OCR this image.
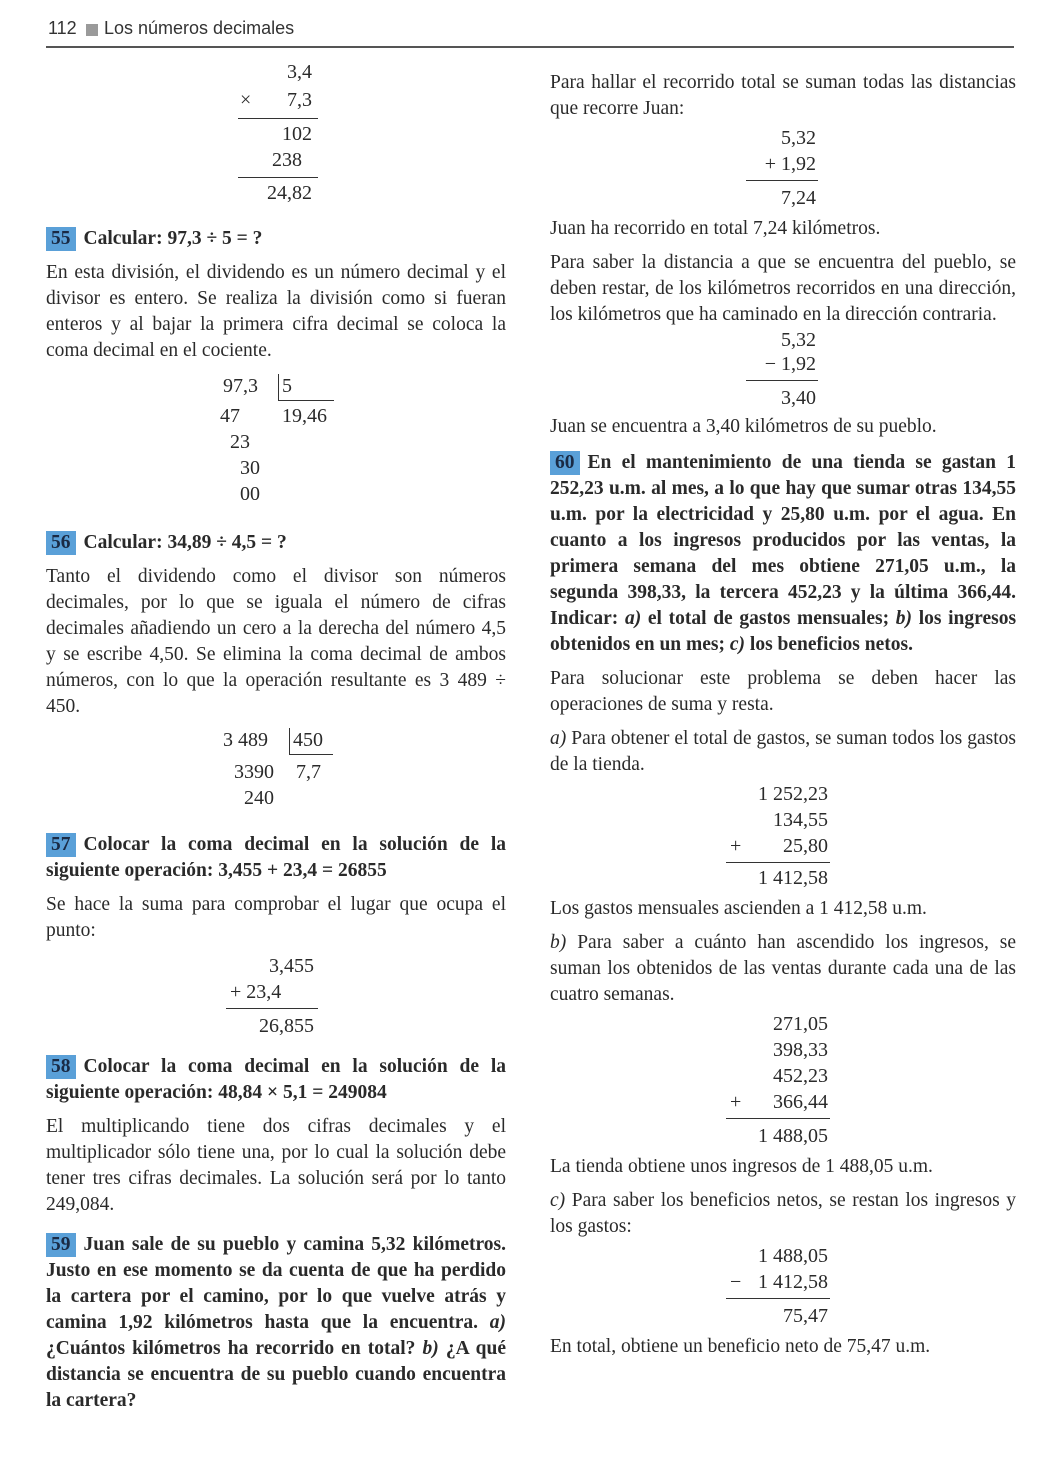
112 Los números decimales
3,4
× 7,3
102
238
24,82

55 Calcular: 97,3 ÷ 5 = ?

En esta división, el dividendo es un número decimal y el divisor es entero. Se realiza la división como si fueran enteros y al bajar la primera cifra decimal se coloca la coma decimal en el cociente.

97,3 5
19,46
47
23
30
00

56 Calcular: 34,89 ÷ 4,5 = ?

Tanto el dividendo como el divisor son números decimales, por lo que se iguala el número de cifras decimales añadiendo un cero a la derecha del número 4,5 y se escribe 4,50. Se elimina la coma decimal de ambos números, con lo que la operación resultante es 3 489 ÷ 450.

3 489 450
7,7
3390
240

57 Colocar la coma decimal en la solución de la siguiente operación: 3,455 + 23,4 = 26855

Se hace la suma para comprobar el lugar que ocupa el punto:

3,455
+ 23,4
26,855

58 Colocar la coma decimal en la solución de la siguiente operación: 48,84 × 5,1 = 249084

El multiplicando tiene dos cifras decimales y el multiplicador sólo tiene una, por lo cual la solución debe tener tres cifras decimales. La solución será por lo tanto 249,084.

59 Juan sale de su pueblo y camina 5,32 kilómetros. Justo en ese momento se da cuenta de que ha perdido la cartera por el camino, por lo que vuelve atrás y camina 1,92 kilómetros hasta que la encuentra. a) ¿Cuántos kilómetros ha recorrido en total? b) ¿A qué distancia se encuentra de su pueblo cuando encuentra la cartera?

Para hallar el recorrido total se suman todas las distancias que recorre Juan:

5,32
+ 1,92
7,24

Juan ha recorrido en total 7,24 kilómetros.

Para saber la distancia a que se encuentra del pueblo, se deben restar, de los kilómetros recorridos en una dirección, los kilómetros que ha caminado en la dirección contraria.

5,32
− 1,92
3,40

Juan se encuentra a 3,40 kilómetros de su pueblo.

60 En el mantenimiento de una tienda se gastan 1 252,23 u.m. al mes, a lo que hay que sumar otras 134,55 u.m. por la electricidad y 25,80 u.m. por el agua. En cuanto a los ingresos producidos por las ventas, la primera semana del mes obtiene 271,05 u.m., la segunda 398,33, la tercera 452,23 y la última 366,44. Indicar: a) el total de gastos mensuales; b) los ingresos obtenidos en un mes; c) los beneficios netos.

Para solucionar este problema se deben hacer las operaciones de suma y resta.

a) Para obtener el total de gastos, se suman todos los gastos de la tienda.

1 252,23
134,55
+ 25,80
1 412,58

Los gastos mensuales ascienden a 1 412,58 u.m.

b) Para saber a cuánto han ascendido los ingresos, se suman los obtenidos de las ventas durante cada una de las cuatro semanas.

271,05
398,33
452,23
+ 366,44
1 488,05

La tienda obtiene unos ingresos de 1 488,05 u.m.

c) Para saber los beneficios netos, se restan los ingresos y los gastos:

1 488,05
− 1 412,58
75,47

En total, obtiene un beneficio neto de 75,47 u.m.
